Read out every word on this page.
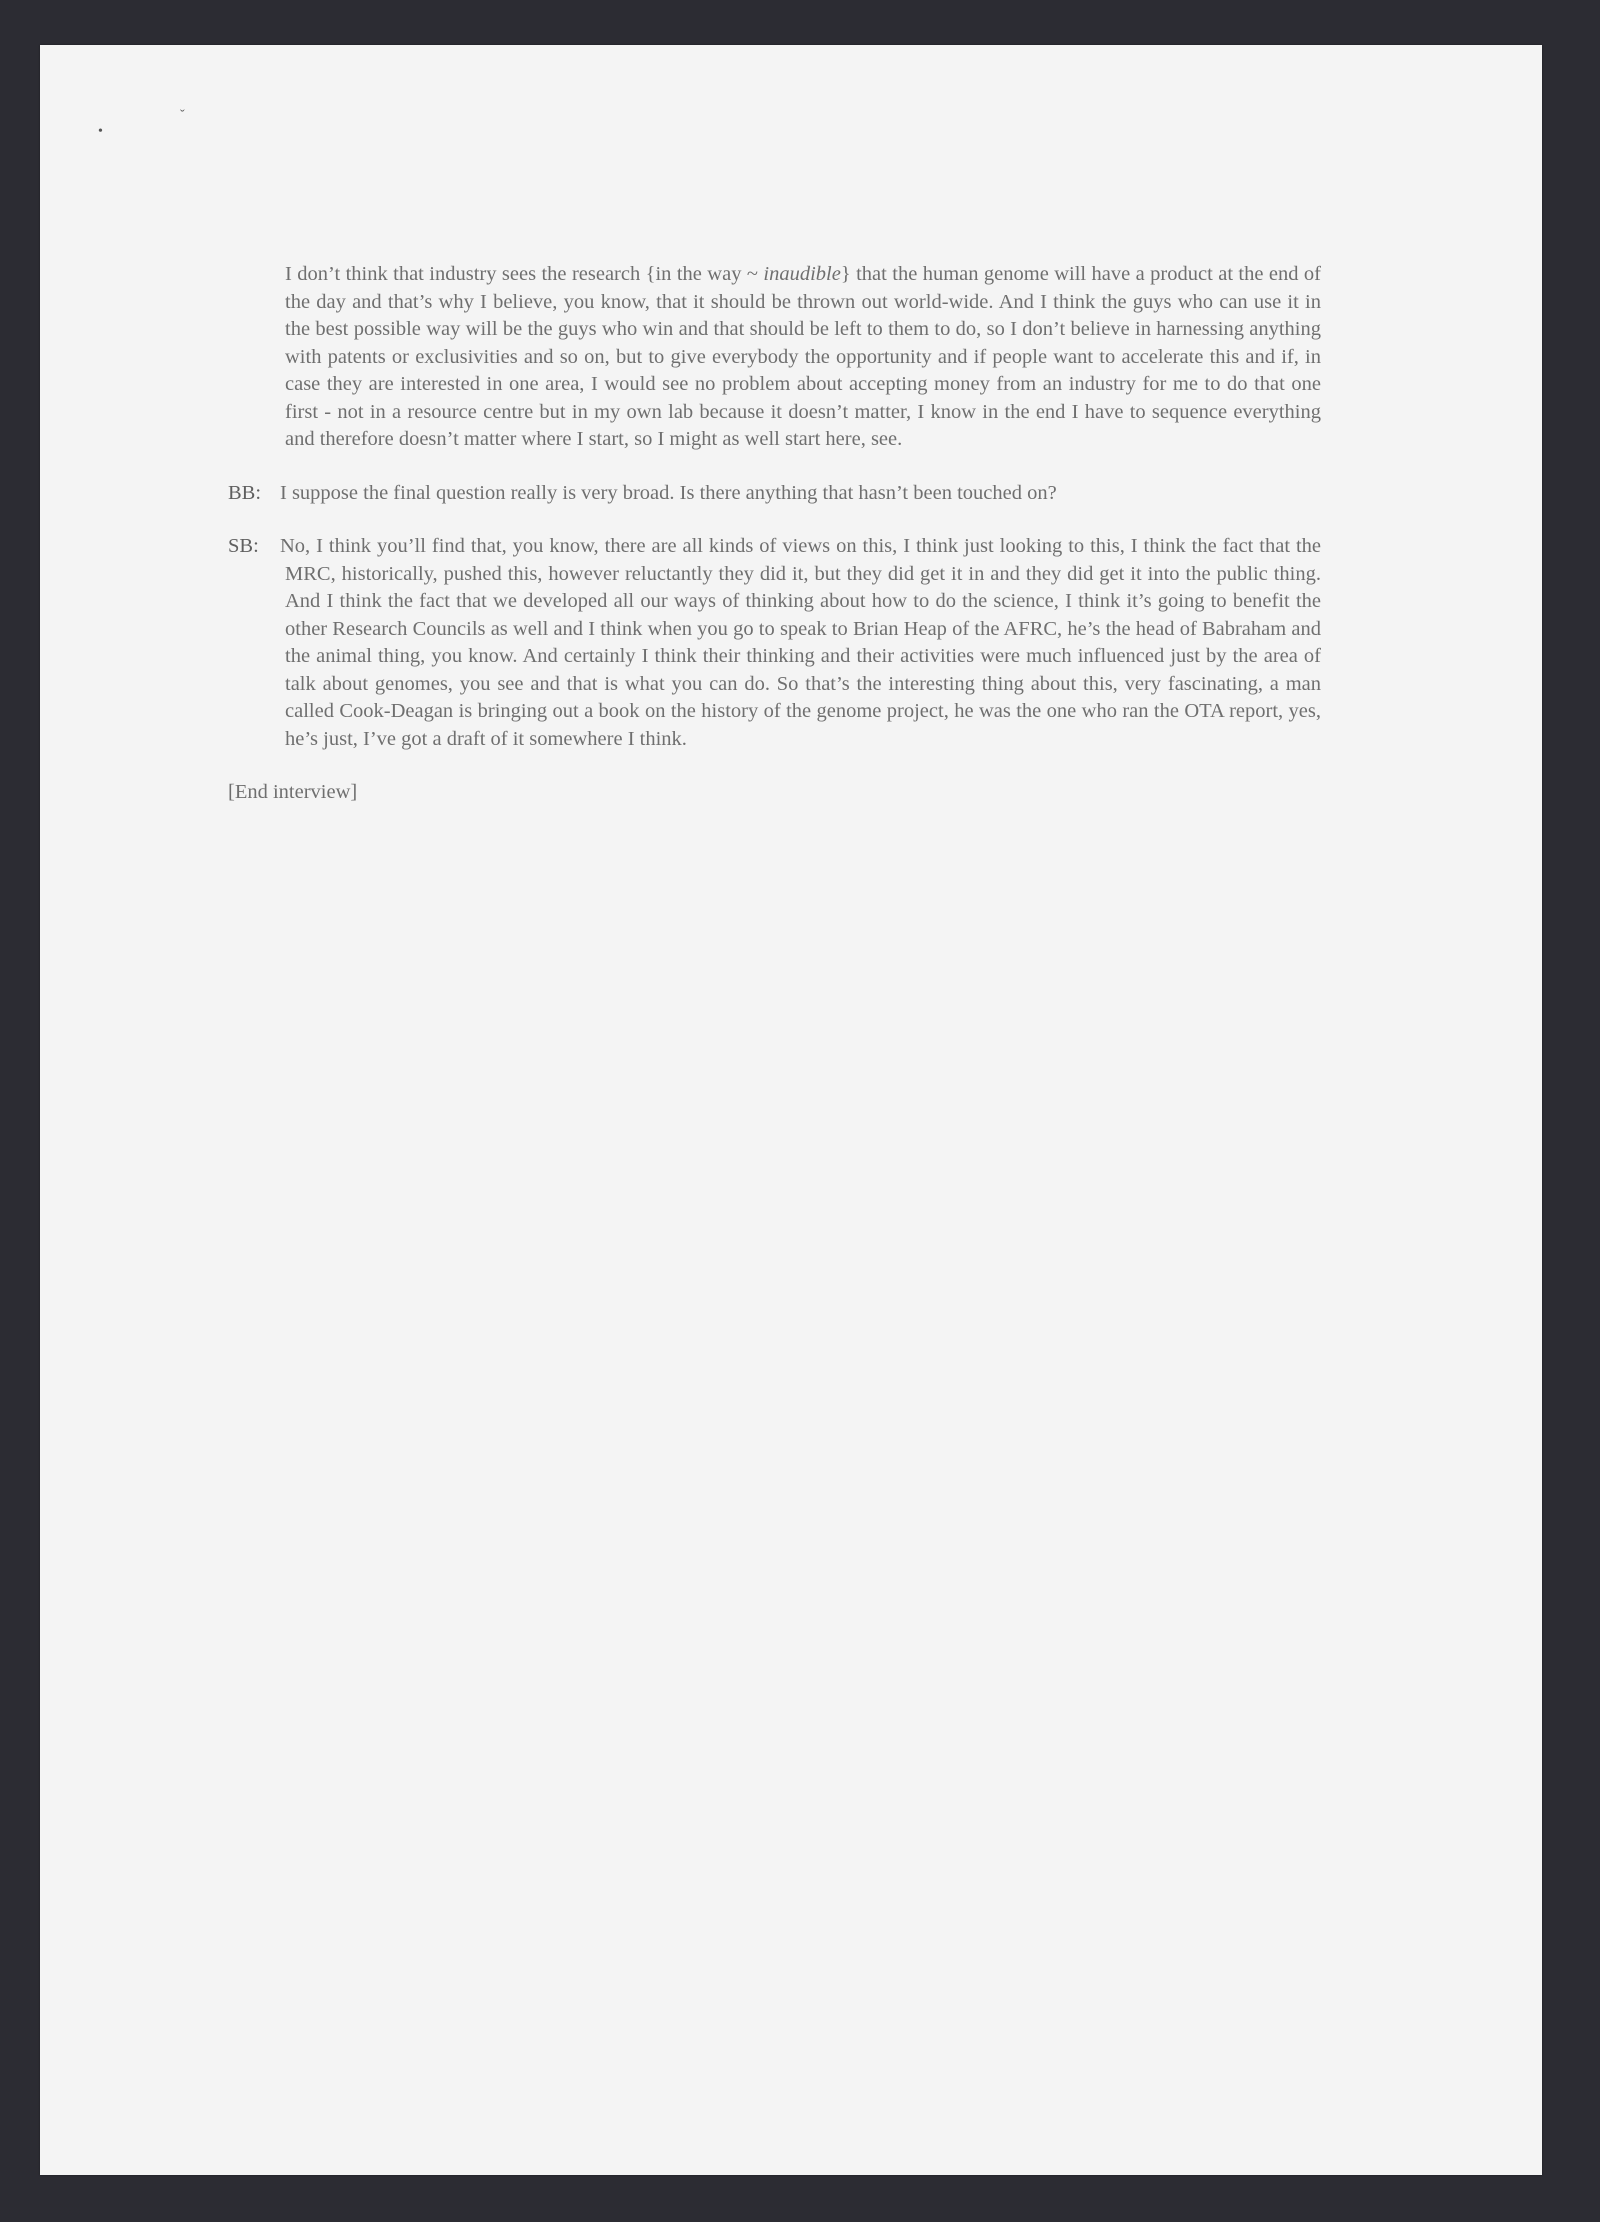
•
ˇ

I don’t think that industry sees the research {in the way ~ inaudible} that the human genome will have a product at the end of the day and that’s why I believe, you know, that it should be thrown out world-wide. And I think the guys who can use it in the best possible way will be the guys who win and that should be left to them to do, so I don’t believe in harnessing anything with patents or exclusivities and so on, but to give everybody the opportunity and if people want to accelerate this and if, in case they are interested in one area, I would see no problem about accepting money from an industry for me to do that one first - not in a resource centre but in my own lab because it doesn’t matter, I know in the end I have to sequence everything and therefore doesn’t matter where I start, so I might as well start here, see.

BB: I suppose the final question really is very broad. Is there anything that hasn’t been touched on?

SB: No, I think you’ll find that, you know, there are all kinds of views on this, I think just looking to this, I think the fact that the MRC, historically, pushed this, however reluctantly they did it, but they did get it in and they did get it into the public thing. And I think the fact that we developed all our ways of thinking about how to do the science, I think it’s going to benefit the other Research Councils as well and I think when you go to speak to Brian Heap of the AFRC, he’s the head of Babraham and the animal thing, you know. And certainly I think their thinking and their activities were much influenced just by the area of talk about genomes, you see and that is what you can do. So that’s the interesting thing about this, very fascinating, a man called Cook-Deagan is bringing out a book on the history of the genome project, he was the one who ran the OTA report, yes, he’s just, I’ve got a draft of it somewhere I think.

[End interview]
